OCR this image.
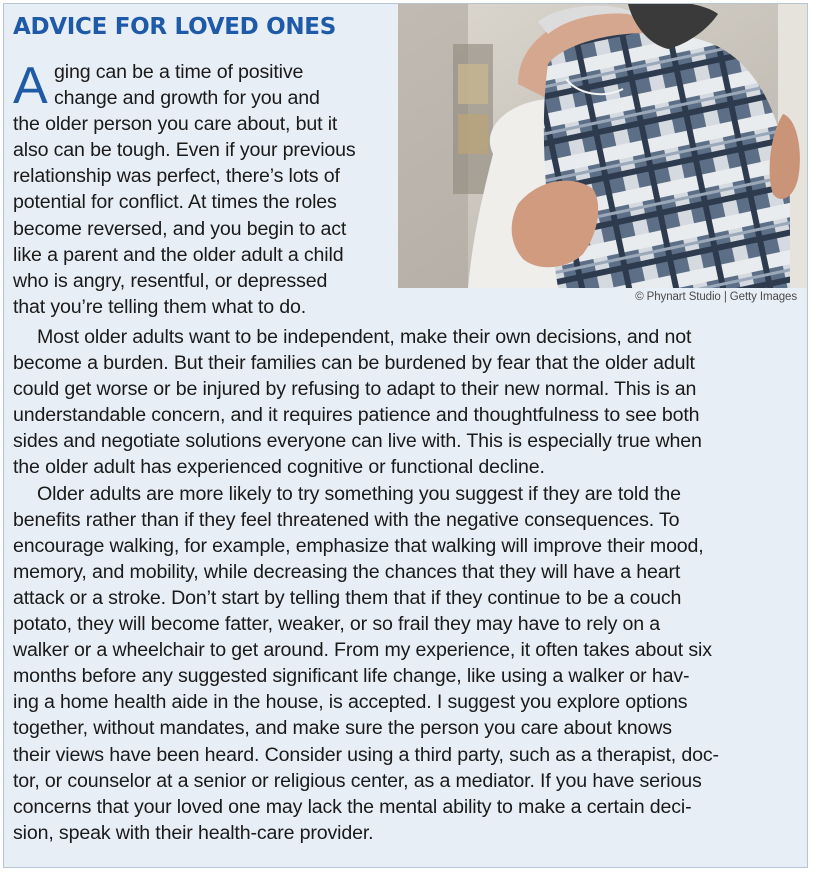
ADVICE FOR LOVED ONES
© Phynart Studio | Getty Images
A ging can be a time of positive
change and growth for you and
the older person you care about, but it
also can be tough. Even if your previous
relationship was perfect, there’s lots of
potential for conflict. At times the roles
become reversed, and you begin to act
like a parent and the older adult a child
who is angry, resentful, or depressed
that you’re telling them what to do.
Most older adults want to be independent, make their own decisions, and not
become a burden. But their families can be burdened by fear that the older adult
could get worse or be injured by refusing to adapt to their new normal. This is an
understandable concern, and it requires patience and thoughtfulness to see both
sides and negotiate solutions everyone can live with. This is especially true when
the older adult has experienced cognitive or functional decline.
Older adults are more likely to try something you suggest if they are told the
benefits rather than if they feel threatened with the negative consequences. To
encourage walking, for example, emphasize that walking will improve their mood,
memory, and mobility, while decreasing the chances that they will have a heart
attack or a stroke. Don’t start by telling them that if they continue to be a couch
potato, they will become fatter, weaker, or so frail they may have to rely on a
walker or a wheelchair to get around. From my experience, it often takes about six
months before any suggested significant life change, like using a walker or hav-
ing a home health aide in the house, is accepted. I suggest you explore options
together, without mandates, and make sure the person you care about knows
their views have been heard. Consider using a third party, such as a therapist, doc-
tor, or counselor at a senior or religious center, as a mediator. If you have serious
concerns that your loved one may lack the mental ability to make a certain deci-
sion, speak with their health-care provider.
